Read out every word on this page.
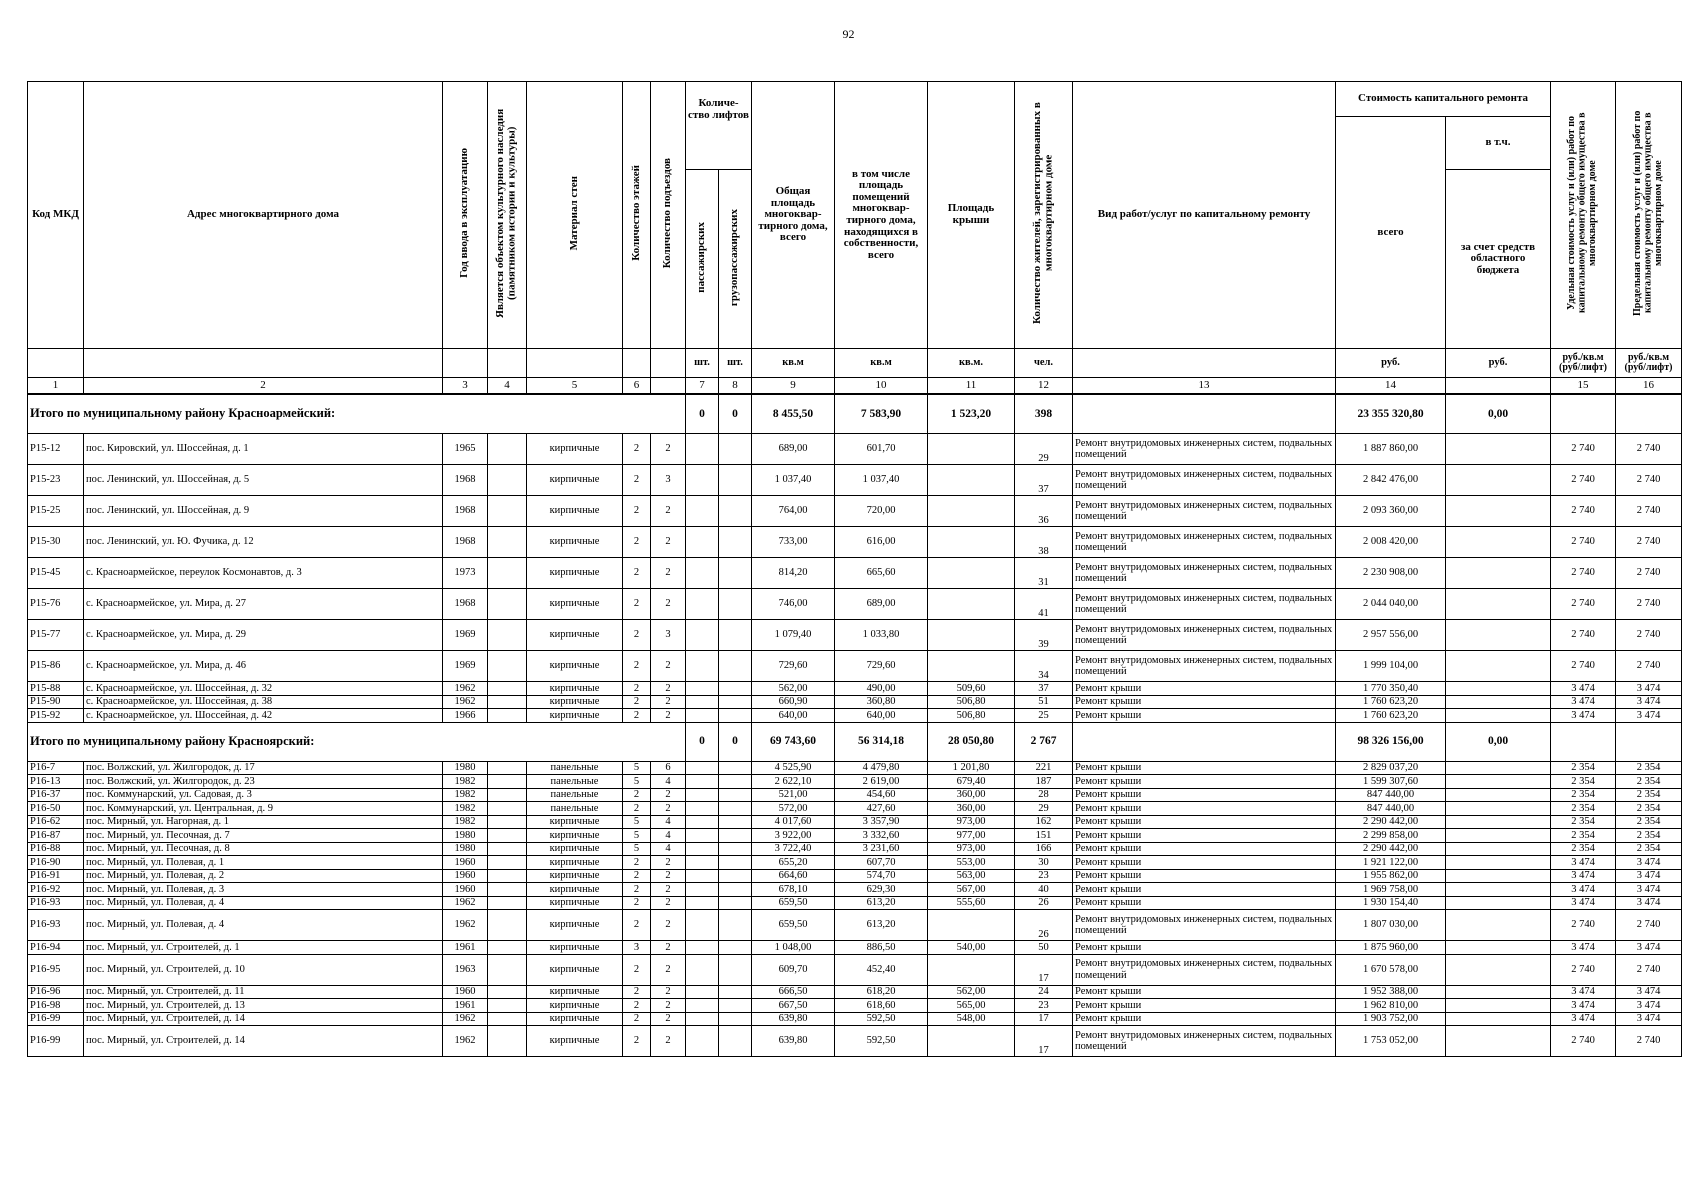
92
Код МКД	Адрес многоквартирного дома	Год ввода в эксплуатацию	Является объектом культурного наследия (памятником истории и культуры)	Материал стен	Количество этажей	Количество подъездов	Количе-ство лифтов		Общая площадь многоквар-тирного дома, всего	в том числе площадь помещений многоквар-тирного дома, находящихся в собственности, всего	Площадь крыши	Количество жителей, зарегистрированных в многоквартирном доме	Вид работ/услуг по капитальному ремонту	Стоимость капитального ремонта		Удельная стоимость услуг и (или) работ по капитальному ремонту общего имущества в многоквартирном доме	Предельная стоимость услуг и (или) работ по капитальному ремонту общего имущества в многоквартирном доме
														всего	в т.ч.		
							пассажирских	грузопассажирских							за счет средств областного бюджета		
							шт.	шт.	кв.м	кв.м	кв.м.	чел.		руб.	руб.	руб./кв.м (руб/лифт)	руб./кв.м (руб/лифт)
1	2	3	4	5	6		7	8	9	10	11	12	13	14		15	16
Итого по муниципальному району Красноармейский:							0	0	8 455,50	7 583,90	1 523,20	398		23 355 320,80	0,00		
Р15-12	пос. Кировский, ул. Шоссейная, д. 1	1965		кирпичные	2	2			689,00	601,70		29	Ремонт внутридомовых инженерных систем, подвальных помещений	1 887 860,00		2 740	2 740
Р15-23	пос. Ленинский, ул. Шоссейная, д. 5	1968		кирпичные	2	3			1 037,40	1 037,40		37	Ремонт внутридомовых инженерных систем, подвальных помещений	2 842 476,00		2 740	2 740
Р15-25	пос. Ленинский, ул. Шоссейная, д. 9	1968		кирпичные	2	2			764,00	720,00		36	Ремонт внутридомовых инженерных систем, подвальных помещений	2 093 360,00		2 740	2 740
Р15-30	пос. Ленинский, ул. Ю. Фучика, д. 12	1968		кирпичные	2	2			733,00	616,00		38	Ремонт внутридомовых инженерных систем, подвальных помещений	2 008 420,00		2 740	2 740
Р15-45	с. Красноармейское, переулок Космонавтов, д. 3	1973		кирпичные	2	2			814,20	665,60		31	Ремонт внутридомовых инженерных систем, подвальных помещений	2 230 908,00		2 740	2 740
Р15-76	с. Красноармейское, ул. Мира, д. 27	1968		кирпичные	2	2			746,00	689,00		41	Ремонт внутридомовых инженерных систем, подвальных помещений	2 044 040,00		2 740	2 740
Р15-77	с. Красноармейское, ул. Мира, д. 29	1969		кирпичные	2	3			1 079,40	1 033,80		39	Ремонт внутридомовых инженерных систем, подвальных помещений	2 957 556,00		2 740	2 740
Р15-86	с. Красноармейское, ул. Мира, д. 46	1969		кирпичные	2	2			729,60	729,60		34	Ремонт внутридомовых инженерных систем, подвальных помещений	1 999 104,00		2 740	2 740
Р15-88	с. Красноармейское, ул. Шоссейная, д. 32	1962		кирпичные	2	2			562,00	490,00	509,60	37	Ремонт крыши	1 770 350,40		3 474	3 474
Р15-90	с. Красноармейское, ул. Шоссейная, д. 38	1962		кирпичные	2	2			660,90	360,80	506,80	51	Ремонт крыши	1 760 623,20		3 474	3 474
Р15-92	с. Красноармейское, ул. Шоссейная, д. 42	1966		кирпичные	2	2			640,00	640,00	506,80	25	Ремонт крыши	1 760 623,20		3 474	3 474
Итого по муниципальному району Красноярский:							0	0	69 743,60	56 314,18	28 050,80	2 767		98 326 156,00	0,00		
Р16-7	пос. Волжский, ул. Жилгородок, д. 17	1980		панельные	5	6			4 525,90	4 479,80	1 201,80	221	Ремонт крыши	2 829 037,20		2 354	2 354
Р16-13	пос. Волжский, ул. Жилгородок, д. 23	1982		панельные	5	4			2 622,10	2 619,00	679,40	187	Ремонт крыши	1 599 307,60		2 354	2 354
Р16-37	пос. Коммунарский, ул. Садовая, д. 3	1982		панельные	2	2			521,00	454,60	360,00	28	Ремонт крыши	847 440,00		2 354	2 354
Р16-50	пос. Коммунарский, ул. Центральная, д. 9	1982		панельные	2	2			572,00	427,60	360,00	29	Ремонт крыши	847 440,00		2 354	2 354
Р16-62	пос. Мирный, ул. Нагорная, д. 1	1982		кирпичные	5	4			4 017,60	3 357,90	973,00	162	Ремонт крыши	2 290 442,00		2 354	2 354
Р16-87	пос. Мирный, ул. Песочная, д. 7	1980		кирпичные	5	4			3 922,00	3 332,60	977,00	151	Ремонт крыши	2 299 858,00		2 354	2 354
Р16-88	пос. Мирный, ул. Песочная, д. 8	1980		кирпичные	5	4			3 722,40	3 231,60	973,00	166	Ремонт крыши	2 290 442,00		2 354	2 354
Р16-90	пос. Мирный, ул. Полевая, д. 1	1960		кирпичные	2	2			655,20	607,70	553,00	30	Ремонт крыши	1 921 122,00		3 474	3 474
Р16-91	пос. Мирный, ул. Полевая, д. 2	1960		кирпичные	2	2			664,60	574,70	563,00	23	Ремонт крыши	1 955 862,00		3 474	3 474
Р16-92	пос. Мирный, ул. Полевая, д. 3	1960		кирпичные	2	2			678,10	629,30	567,00	40	Ремонт крыши	1 969 758,00		3 474	3 474
Р16-93	пос. Мирный, ул. Полевая, д. 4	1962		кирпичные	2	2			659,50	613,20	555,60	26	Ремонт крыши	1 930 154,40		3 474	3 474
Р16-93	пос. Мирный, ул. Полевая, д. 4	1962		кирпичные	2	2			659,50	613,20		26	Ремонт внутридомовых инженерных систем, подвальных помещений	1 807 030,00		2 740	2 740
Р16-94	пос. Мирный, ул. Строителей, д. 1	1961		кирпичные	3	2			1 048,00	886,50	540,00	50	Ремонт крыши	1 875 960,00		3 474	3 474
Р16-95	пос. Мирный, ул. Строителей, д. 10	1963		кирпичные	2	2			609,70	452,40		17	Ремонт внутридомовых инженерных систем, подвальных помещений	1 670 578,00		2 740	2 740
Р16-96	пос. Мирный, ул. Строителей, д. 11	1960		кирпичные	2	2			666,50	618,20	562,00	24	Ремонт крыши	1 952 388,00		3 474	3 474
Р16-98	пос. Мирный, ул. Строителей, д. 13	1961		кирпичные	2	2			667,50	618,60	565,00	23	Ремонт крыши	1 962 810,00		3 474	3 474
Р16-99	пос. Мирный, ул. Строителей, д. 14	1962		кирпичные	2	2			639,80	592,50	548,00	17	Ремонт крыши	1 903 752,00		3 474	3 474
Р16-99	пос. Мирный, ул. Строителей, д. 14	1962		кирпичные	2	2			639,80	592,50		17	Ремонт внутридомовых инженерных систем, подвальных помещений	1 753 052,00		2 740	2 740
